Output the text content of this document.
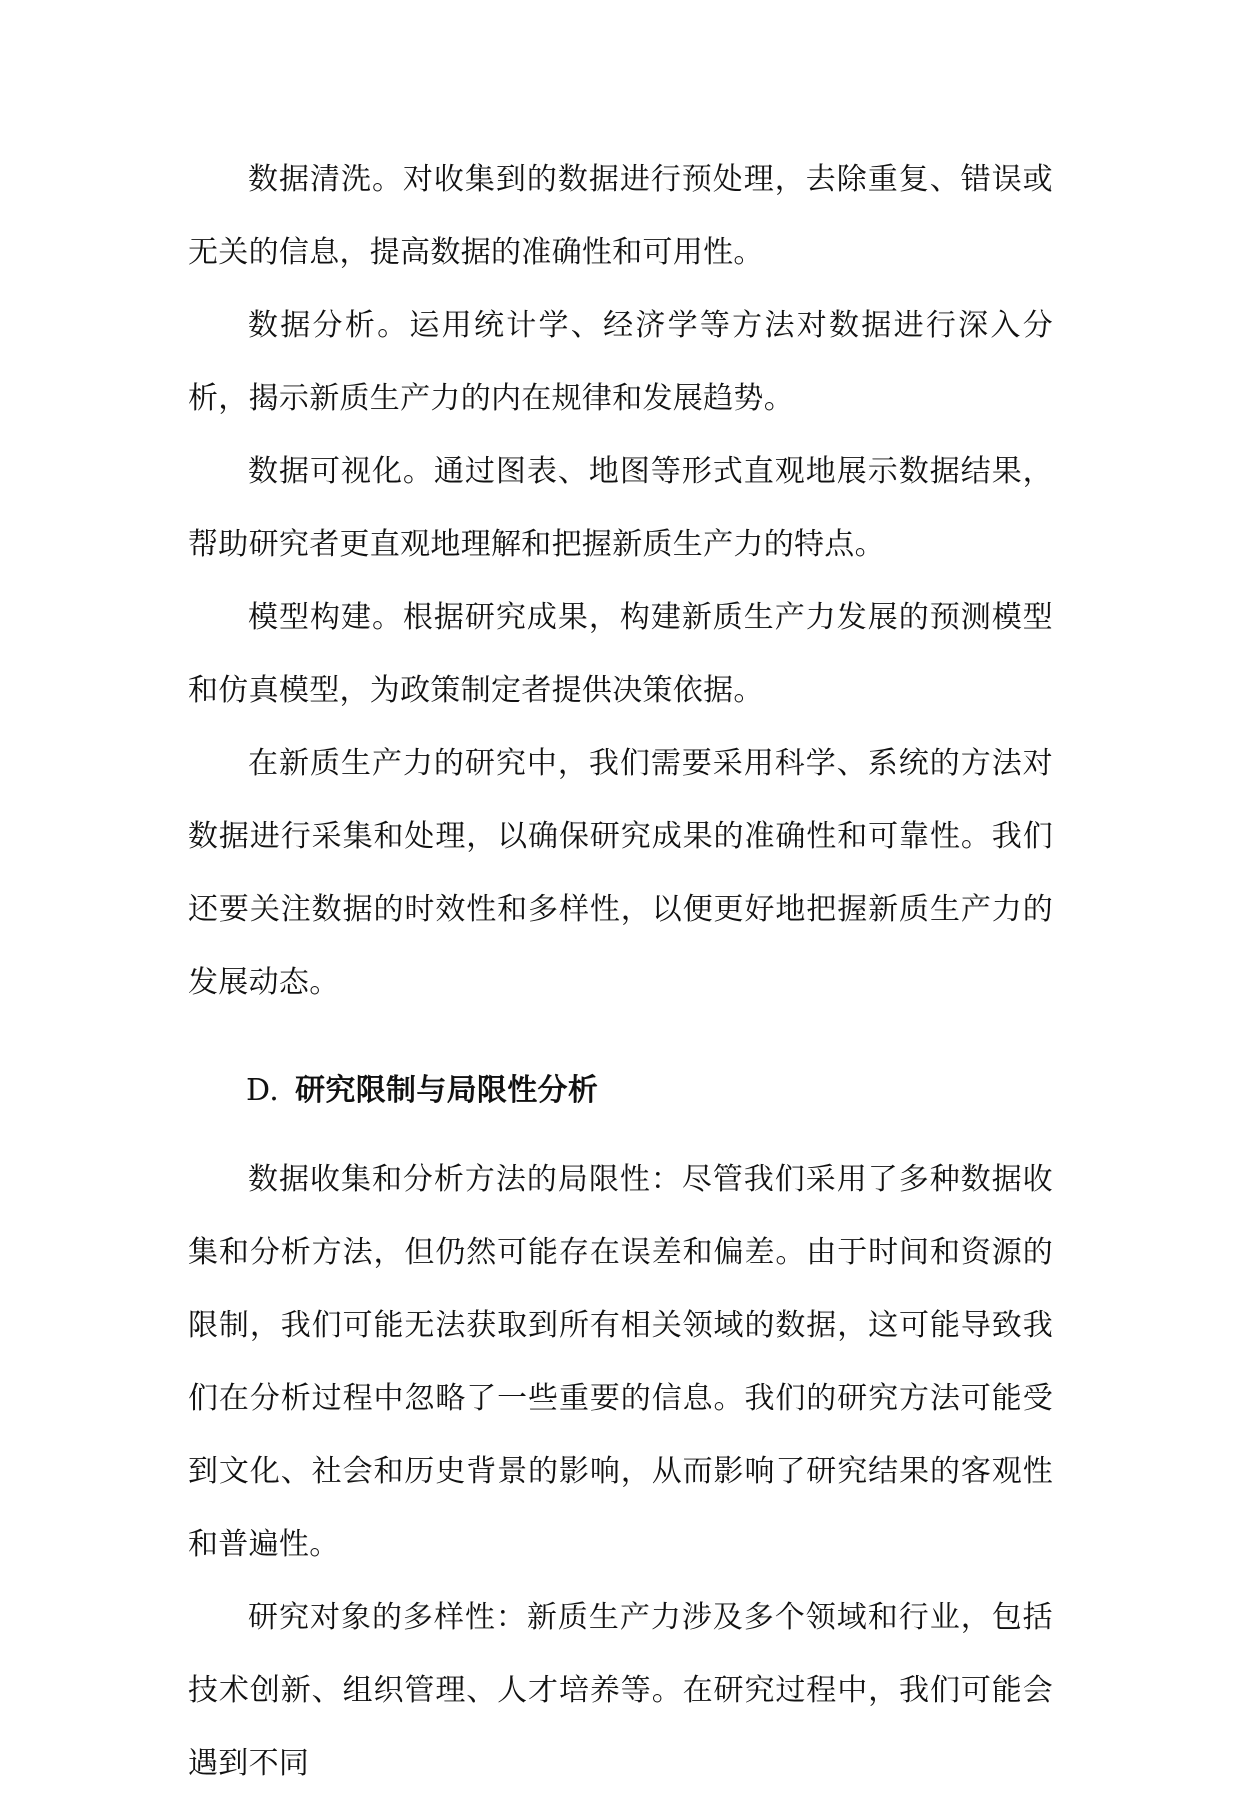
数据清洗。对收集到的数据进行预处理，去除重复、错误或无关的信息，提高数据的准确性和可用性。

数据分析。运用统计学、经济学等方法对数据进行深入分析，揭示新质生产力的内在规律和发展趋势。

数据可视化。通过图表、地图等形式直观地展示数据结果，帮助研究者更直观地理解和把握新质生产力的特点。

模型构建。根据研究成果，构建新质生产力发展的预测模型和仿真模型，为政策制定者提供决策依据。

在新质生产力的研究中，我们需要采用科学、系统的方法对数据进行采集和处理，以确保研究成果的准确性和可靠性。我们还要关注数据的时效性和多样性，以便更好地把握新质生产力的发展动态。

D. 研究限制与局限性分析

数据收集和分析方法的局限性：尽管我们采用了多种数据收集和分析方法，但仍然可能存在误差和偏差。由于时间和资源的限制，我们可能无法获取到所有相关领域的数据，这可能导致我们在分析过程中忽略了一些重要的信息。我们的研究方法可能受到文化、社会和历史背景的影响，从而影响了研究结果的客观性和普遍性。

研究对象的多样性：新质生产力涉及多个领域和行业，包括技术创新、组织管理、人才培养等。在研究过程中，我们可能会遇到不同
